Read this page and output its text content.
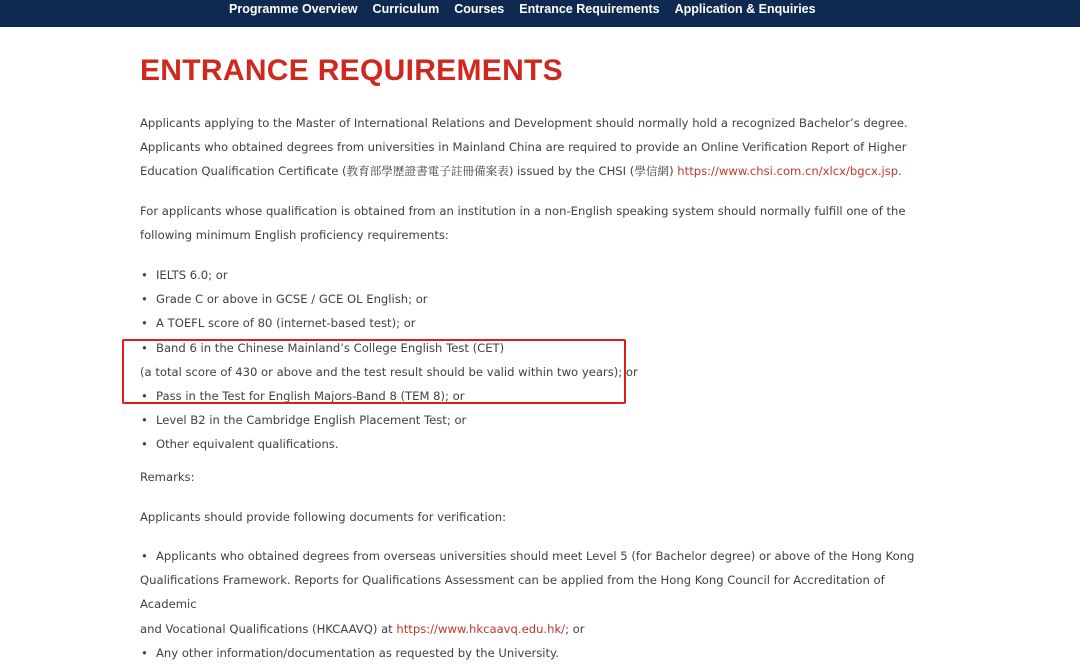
Programme Overview Curriculum Courses Entrance Requirements Application & Enquiries
ENTRANCE REQUIREMENTS
Applicants applying to the Master of International Relations and Development should normally hold a recognized Bachelor’s degree.
Applicants who obtained degrees from universities in Mainland China are required to provide an Online Verification Report of Higher
Education Qualification Certificate (教育部學歷證書電子註冊備案表) issued by the CHSI (學信網) https://www.chsi.com.cn/xlcx/bgcx.jsp.
For applicants whose qualification is obtained from an institution in a non-English speaking system should normally fulfill one of the
following minimum English proficiency requirements:
• IELTS 6.0; or
• Grade C or above in GCSE / GCE OL English; or
• A TOEFL score of 80 (internet-based test); or
• Band 6 in the Chinese Mainland’s College English Test (CET)
(a total score of 430 or above and the test result should be valid within two years); or
• Pass in the Test for English Majors-Band 8 (TEM 8); or
• Level B2 in the Cambridge English Placement Test; or
• Other equivalent qualifications.
Remarks:
Applicants should provide following documents for verification:
• Applicants who obtained degrees from overseas universities should meet Level 5 (for Bachelor degree) or above of the Hong Kong
Qualifications Framework. Reports for Qualifications Assessment can be applied from the Hong Kong Council for Accreditation of Academic
and Vocational Qualifications (HKCAAVQ) at https://www.hkcaavq.edu.hk/; or
• Any other information/documentation as requested by the University.
